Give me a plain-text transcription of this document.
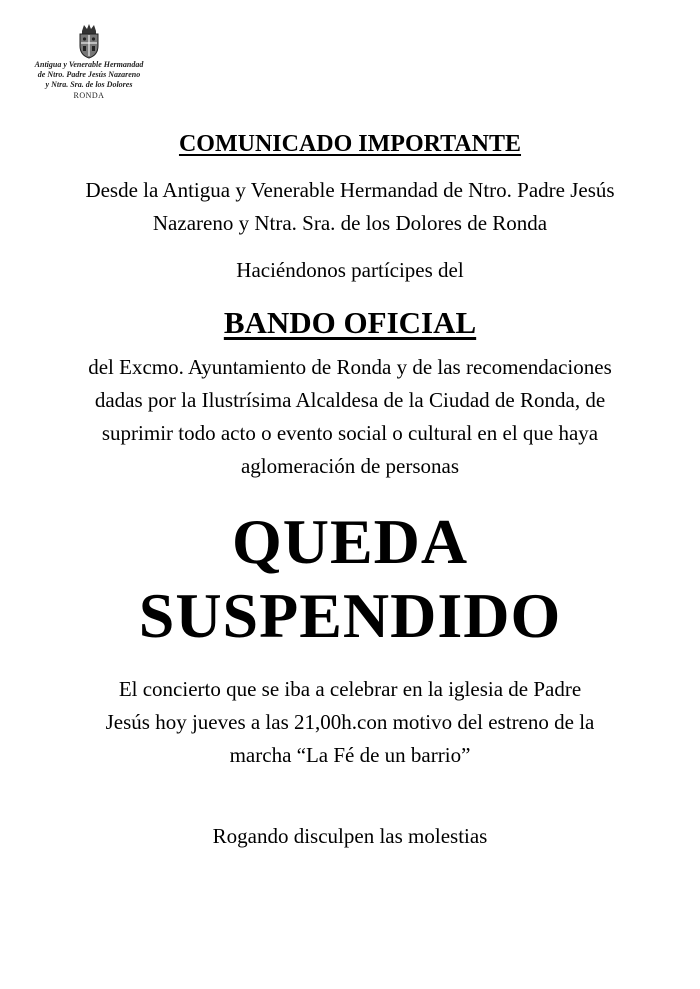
Antigua y Venerable Hermandad
de Ntro. Padre Jesús Nazareno
y Ntra. Sra. de los Dolores
RONDA

COMUNICADO IMPORTANTE

Desde la Antigua y Venerable Hermandad de Ntro. Padre Jesús Nazareno y Ntra. Sra. de los Dolores de Ronda

Haciéndonos partícipes del

BANDO OFICIAL

del Excmo. Ayuntamiento de Ronda y de las recomendaciones dadas por la Ilustrísima Alcaldesa de la Ciudad de Ronda, de suprimir todo acto o evento social o cultural en el que haya aglomeración de personas

QUEDA

SUSPENDIDO

El concierto que se iba a celebrar en la iglesia de Padre Jesús hoy jueves a las 21,00h.con motivo del estreno de la marcha “La Fé de un barrio”

Rogando disculpen las molestias
